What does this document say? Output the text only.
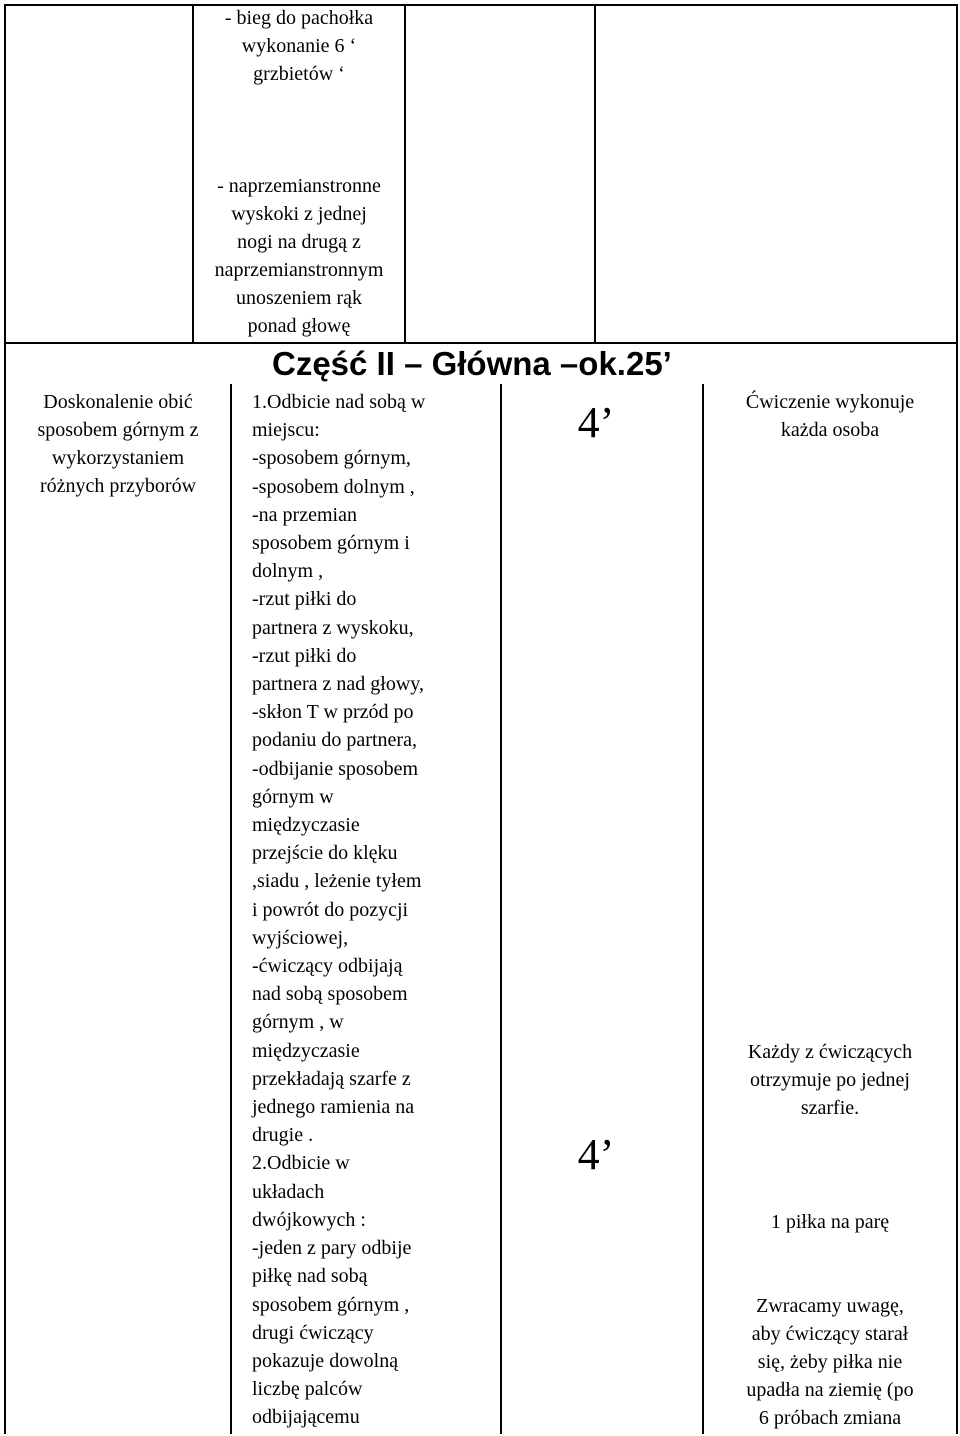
- bieg do pachołka
wykonanie 6 ‘
grzbietów ‘

- naprzemianstronne
wyskoki z jednej
nogi na drugą z
naprzemianstronnym
unoszeniem rąk
ponad głowę
Część II – Główna –ok.25’
Doskonalenie obić
sposobem górnym z
wykorzystaniem
różnych przyborów
1.Odbicie nad sobą w
miejscu:
-sposobem górnym,
-sposobem dolnym ,
-na przemian
sposobem górnym i
dolnym ,
-rzut piłki do
partnera z wyskoku,
-rzut piłki do
partnera z nad głowy,
-skłon T w przód po
podaniu do partnera,
-odbijanie sposobem
górnym w
międzyczasie
przejście do klęku
,siadu , leżenie tyłem
i powrót do pozycji
wyjściowej,
-ćwiczący odbijają
nad sobą sposobem
górnym , w
międzyczasie
przekładają szarfe z
jednego ramienia na
drugie .
2.Odbicie w
układach
dwójkowych :
-jeden z pary odbije
piłkę nad sobą
sposobem górnym ,
drugi ćwiczący
pokazuje dowolną
liczbę palców
odbijającemu
4’
4’
Ćwiczenie wykonuje
każda osoba
Każdy z ćwiczących
otrzymuje po jednej
szarfie.
1 piłka na parę
Zwracamy uwagę,
aby ćwiczący starał
się, żeby piłka nie
upadła na ziemię (po
6 próbach zmiana
